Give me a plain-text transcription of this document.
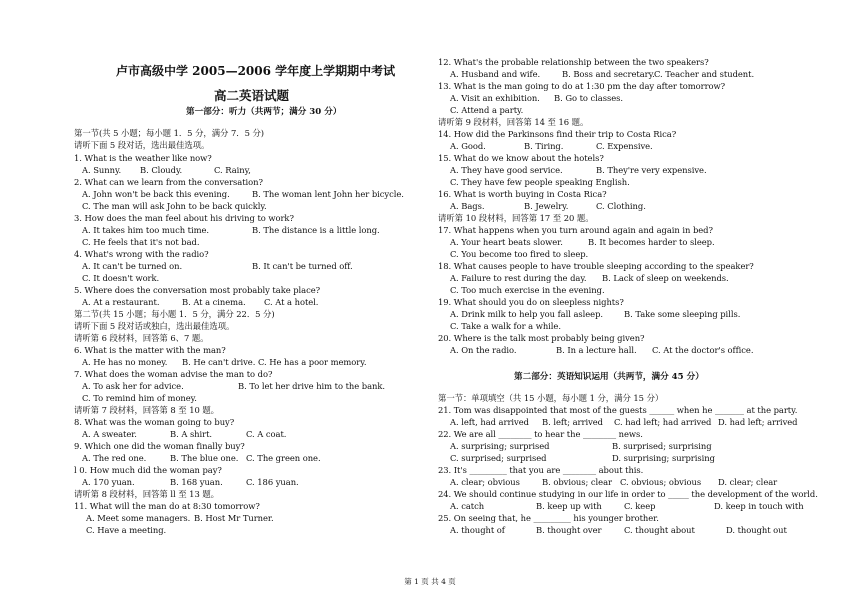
卢市高级中学 2005—2006 学年度上学期期中考试
高二英语试题
第一部分：听力（共两节；满分 30 分）
第一节(共 5 小题；每小题 1．5 分，满分 7．5 分)
请听下面 5 段对话，选出最佳选项。
1. What is the weather like now?
A. Sunny. B. Cloudy.	C. Rainy,
2. What can we learn from the conversation?
A. John won't be back this evening.	B. The woman lent John her bicycle.
C. The man will ask John to be back quickly.
3. How does the man feel about his driving to work?
A. It takes him too much time.	B. The distance is a little long.
C. He feels that it's not bad.
4. What's wrong with the radio?
A. It can't be turned on.	B. It can't be turned off.
C. It doesn't work.
5. Where does the conversation most probably take place?
A. At a restaurant.	B. At a cinema. C. At a hotel.
第二节(共 15 小题；每小题 1．5 分，满分 22．5 分)
请听下面 5 段对话或独白，选出最佳选项。
请听第 6 段材料，回答第 6、7 题。
6. What is the matter with the man?
A. He has no money. B. He can't drive. C. He has a poor memory.
7. What does the woman advise the man to do?
A. To ask her for advice.	B. To let her drive him to the bank.
C. To remind him of money.
请听第 7 段材料，回答第 8 至 10 题。
8. What was the woman going to buy?
A. A sweater.	B. A shirt.	C. A coat.
9. Which one did the woman finally buy?
A. The red one.	B. The blue one. C. The green one.
l 0. How much did the woman pay?
A. 170 yuan.	B. 168 yuan.	C. 186 yuan.
请听第 8 段材料，回答第 ll 至 13 题。
11. What will the man do at 8:30 tomorrow?
A. Meet some managers. B. Host Mr Turner.
C. Have a meeting.
12. What's the probable relationship between the two speakers?
A. Husband and wife.	B. Boss and secretary. C. Teacher and student.
13. What is the man going to do at 1:30 pm the day after tomorrow?
A. Visit an exhibition. B. Go to classes.
C. Attend a party.
请听第 9 段材料，回答第 14 至 16 题。
14. How did the Parkinsons find their trip to Costa Rica?
A. Good.	B. Tiring.	C. Expensive.
15. What do we know about the hotels?
A. They have good service.	B. They're very expensive.
C. They have few people speaking English.
16. What is worth buying in Costa Rica?
A. Bags.	B. Jewelry.	C. Clothing.
请听第 10 段材料，回答第 17 至 20 题。
17. What happens when you turn around again and again in bed?
A. Your heart beats slower.	B. It becomes harder to sleep.
C. You become too fired to sleep.
18. What causes people to have trouble sleeping according to the speaker?
A. Failure to rest during the day. B. Lack of sleep on weekends.
C. Too much exercise in the evening.
19. What should you do on sleepless nights?
A. Drink milk to help you fall asleep. B. Take some sleeping pills.
C. Take a walk for a while.
20. Where is the talk most probably being given?
A. On the radio.	B. In a lecture hall. C. At the doctor's office.
第二部分：英语知识运用（共两节，满分 45 分）
第一节：单项填空（共 15 小题，每小题 1 分，满分 15 分）
21. Tom was disappointed that most of the guests ______ when he _______ at the party.
A. left, had arrived B. left; arrived C. had left; had arrived D. had left; arrived
22. We are all ________ to hear the ________ news.
A. surprising; surprised	B. surprised; surprising
C. surprised; surprised	D. surprising; surprising
23. It's _________ that you are ________ about this.
A. clear; obvious	B. obvious; clear C. obvious; obvious D. clear; clear
24. We should continue studying in our life in order to _____ the development of the world.
A. catch	B. keep up with	C. keep	D. keep in touch with
25. On seeing that, he _________ his younger brother.
A. thought of	B. thought over	C. thought about	D. thought out
第 1 页 共 4 页
